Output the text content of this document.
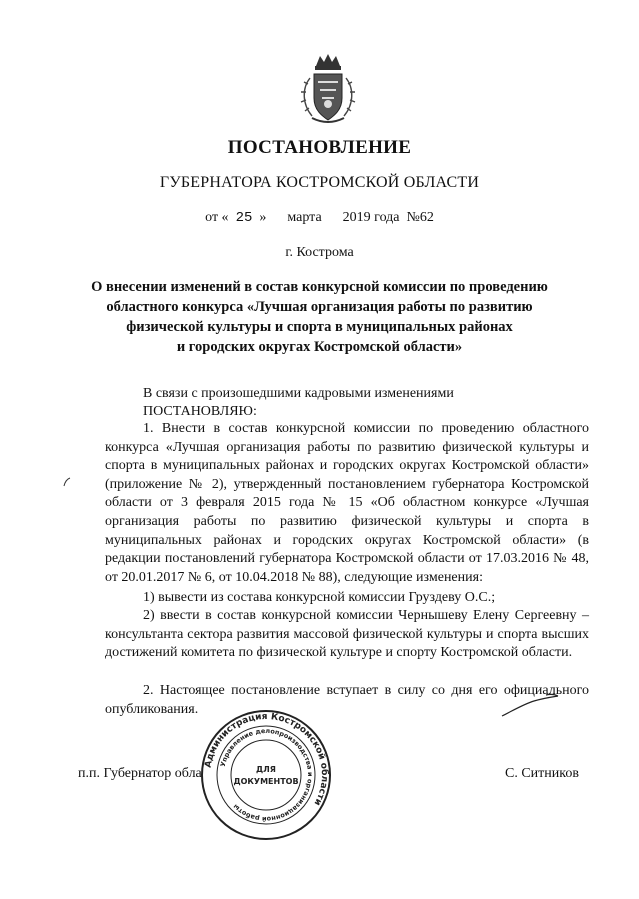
ПОСТАНОВЛЕНИЕ
ГУБЕРНАТОРА КОСТРОМСКОЙ ОБЛАСТИ
от « 25 » марта 2019 года №62
г. Кострома
О внесении изменений в состав конкурсной комиссии по проведению
областного конкурса «Лучшая организация работы по развитию
физической культуры и спорта в муниципальных районах
и городских округах Костромской области»
В связи с произошедшими кадровыми изменениями
ПОСТАНОВЛЯЮ:
1. Внести в состав конкурсной комиссии по проведению областного конкурса «Лучшая организация работы по развитию физической культуры и спорта в муниципальных районах и городских округах Костромской области» (приложение № 2), утвержденный постановлением губернатора Костромской области от 3 февраля 2015 года № 15 «Об областном конкурсе «Лучшая организация работы по развитию физической культуры и спорта в муниципальных районах и городских округах Костромской области» (в редакции постановлений губернатора Костромской области от 17.03.2016 № 48, от 20.01.2017 № 6, от 10.04.2018 № 88), следующие изменения:
1) вывести из состава конкурсной комиссии Груздеву О.С.;
2) ввести в состав конкурсной комиссии Чернышеву Елену Сергеевну – консультанта сектора развития массовой физической культуры и спорта высших достижений комитета по физической культуре и спорту Костромской области.
2. Настоящее постановление вступает в силу со дня его официального опубликования.
п.п. Губернатор обла	С. Ситников
Администрация Костромской области
Управление делопроизводства и организационной работы
ДЛЯ
ДОКУМЕНТОВ
